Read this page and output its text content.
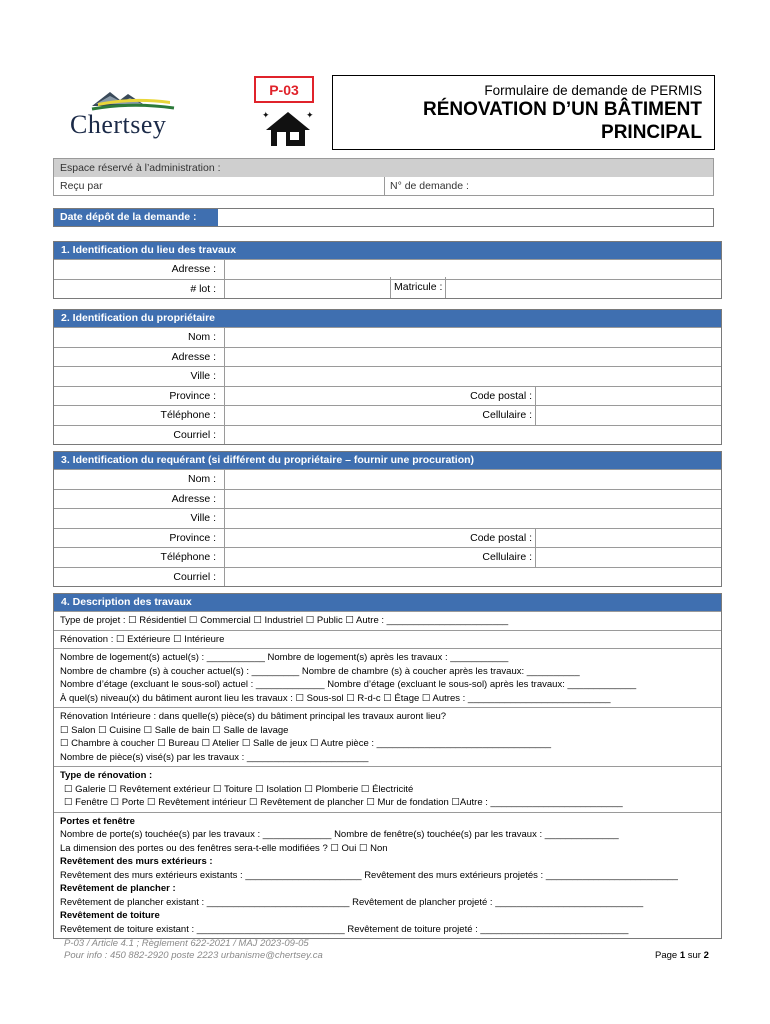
Chertsey
P-03
✦	✦
Formulaire de demande de PERMIS
RÉNOVATION D’UN BÂTIMENT
PRINCIPAL
Espace réservé à l’administration :
Reçu par	N° de demande :
Date dépôt de la demande :
1. Identification du lieu des travaux
Adresse :
# lot :	Matricule :
2. Identification du propriétaire
Nom :
Adresse :
Ville :
Province :	Code postal :
Téléphone :	Cellulaire :
Courriel :
3. Identification du requérant (si différent du propriétaire – fournir une procuration)
Nom :
Adresse :
Ville :
Province :	Code postal :
Téléphone :	Cellulaire :
Courriel :
4. Description des travaux
Type de projet : ☐ Résidentiel ☐ Commercial ☐ Industriel ☐ Public ☐ Autre : _______________________
Rénovation : ☐ Extérieure ☐ Intérieure
Nombre de logement(s) actuel(s) : ___________ Nombre de logement(s) après les travaux : ___________
Nombre de chambre (s) à coucher actuel(s) : _________ Nombre de chambre (s) à coucher après les travaux: __________
Nombre d’étage (excluant le sous-sol) actuel : _____________ Nombre d’étage (excluant le sous-sol) après les travaux: _____________
À quel(s) niveau(x) du bâtiment auront lieu les travaux : ☐ Sous-sol ☐ R-d-c ☐ Étage ☐ Autres : ___________________________
Rénovation Intérieure : dans quelle(s) pièce(s) du bâtiment principal les travaux auront lieu?
☐ Salon ☐ Cuisine ☐ Salle de bain ☐ Salle de lavage
☐ Chambre à coucher ☐ Bureau ☐ Atelier ☐ Salle de jeux ☐ Autre pièce : _________________________________
Nombre de pièce(s) visé(s) par les travaux : _______________________
Type de rénovation :
☐ Galerie ☐ Revêtement extérieur ☐ Toiture ☐ Isolation ☐ Plomberie ☐ Électricité
☐ Fenêtre ☐ Porte ☐ Revêtement intérieur ☐ Revêtement de plancher ☐ Mur de fondation ☐Autre : _________________________
Portes et fenêtre
Nombre de porte(s) touchée(s) par les travaux : _____________ Nombre de fenêtre(s) touchée(s) par les travaux : ______________
La dimension des portes ou des fenêtres sera-t-elle modifiées ? ☐ Oui ☐ Non
Revêtement des murs extérieurs :
Revêtement des murs extérieurs existants : ______________________ Revêtement des murs extérieurs projetés : _________________________
Revêtement de plancher :
Revêtement de plancher existant : ___________________________ Revêtement de plancher projeté : ____________________________
Revêtement de toiture
Revêtement de toiture existant : ____________________________ Revêtement de toiture projeté : ____________________________
P-03 / Article 4.1 ; Règlement 622-2021 / MAJ 2023-09-05
Pour info : 450 882-2920 poste 2223 urbanisme@chertsey.ca	Page 1 sur 2
